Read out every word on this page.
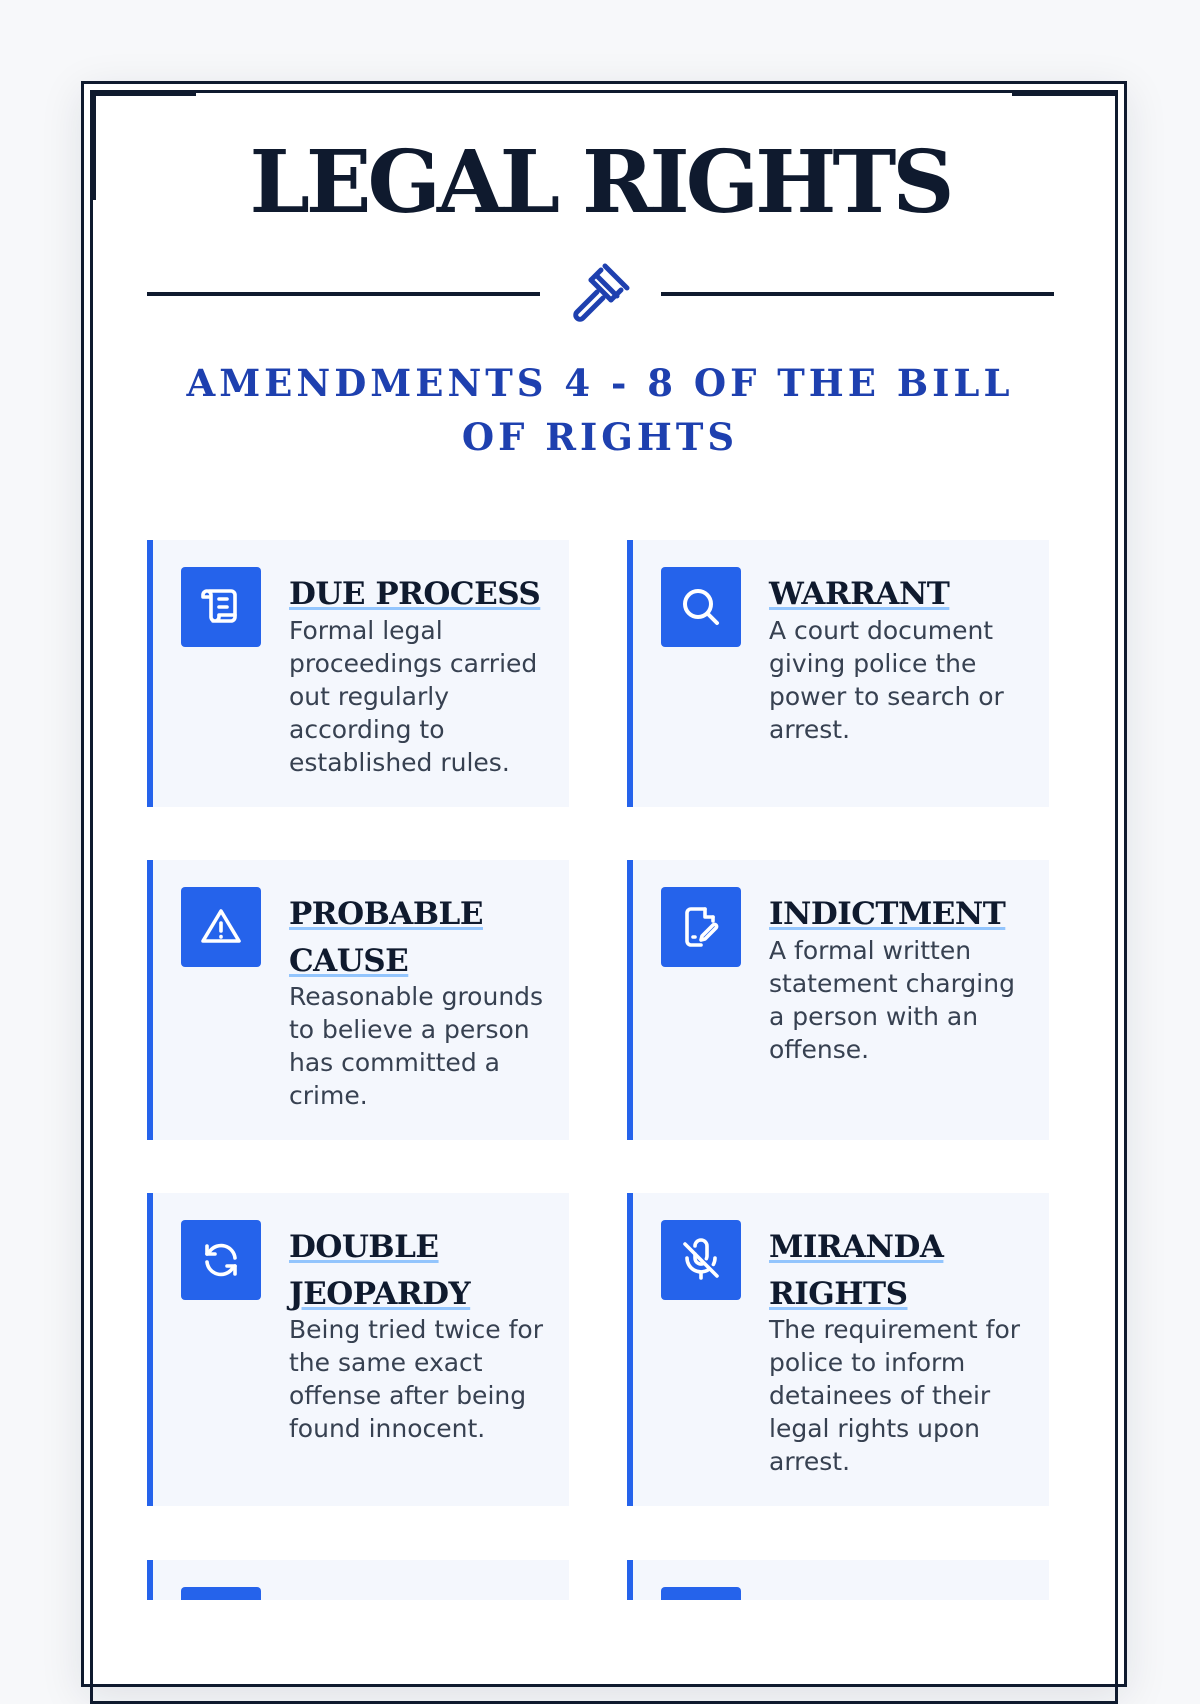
LEGAL RIGHTS
AMENDMENTS 4 - 8 OF THE BILL OF RIGHTS
DUE PROCESS
Formal legal proceedings carried out regularly according to established rules.
WARRANT
A court document giving police the power to search or arrest.
PROBABLE CAUSE
Reasonable grounds to believe a person has committed a crime.
INDICTMENT
A formal written statement charging a person with an offense.
DOUBLE JEOPARDY
Being tried twice for the same exact offense after being found innocent.
MIRANDA RIGHTS
The requirement for police to inform detainees of their legal rights upon arrest.
